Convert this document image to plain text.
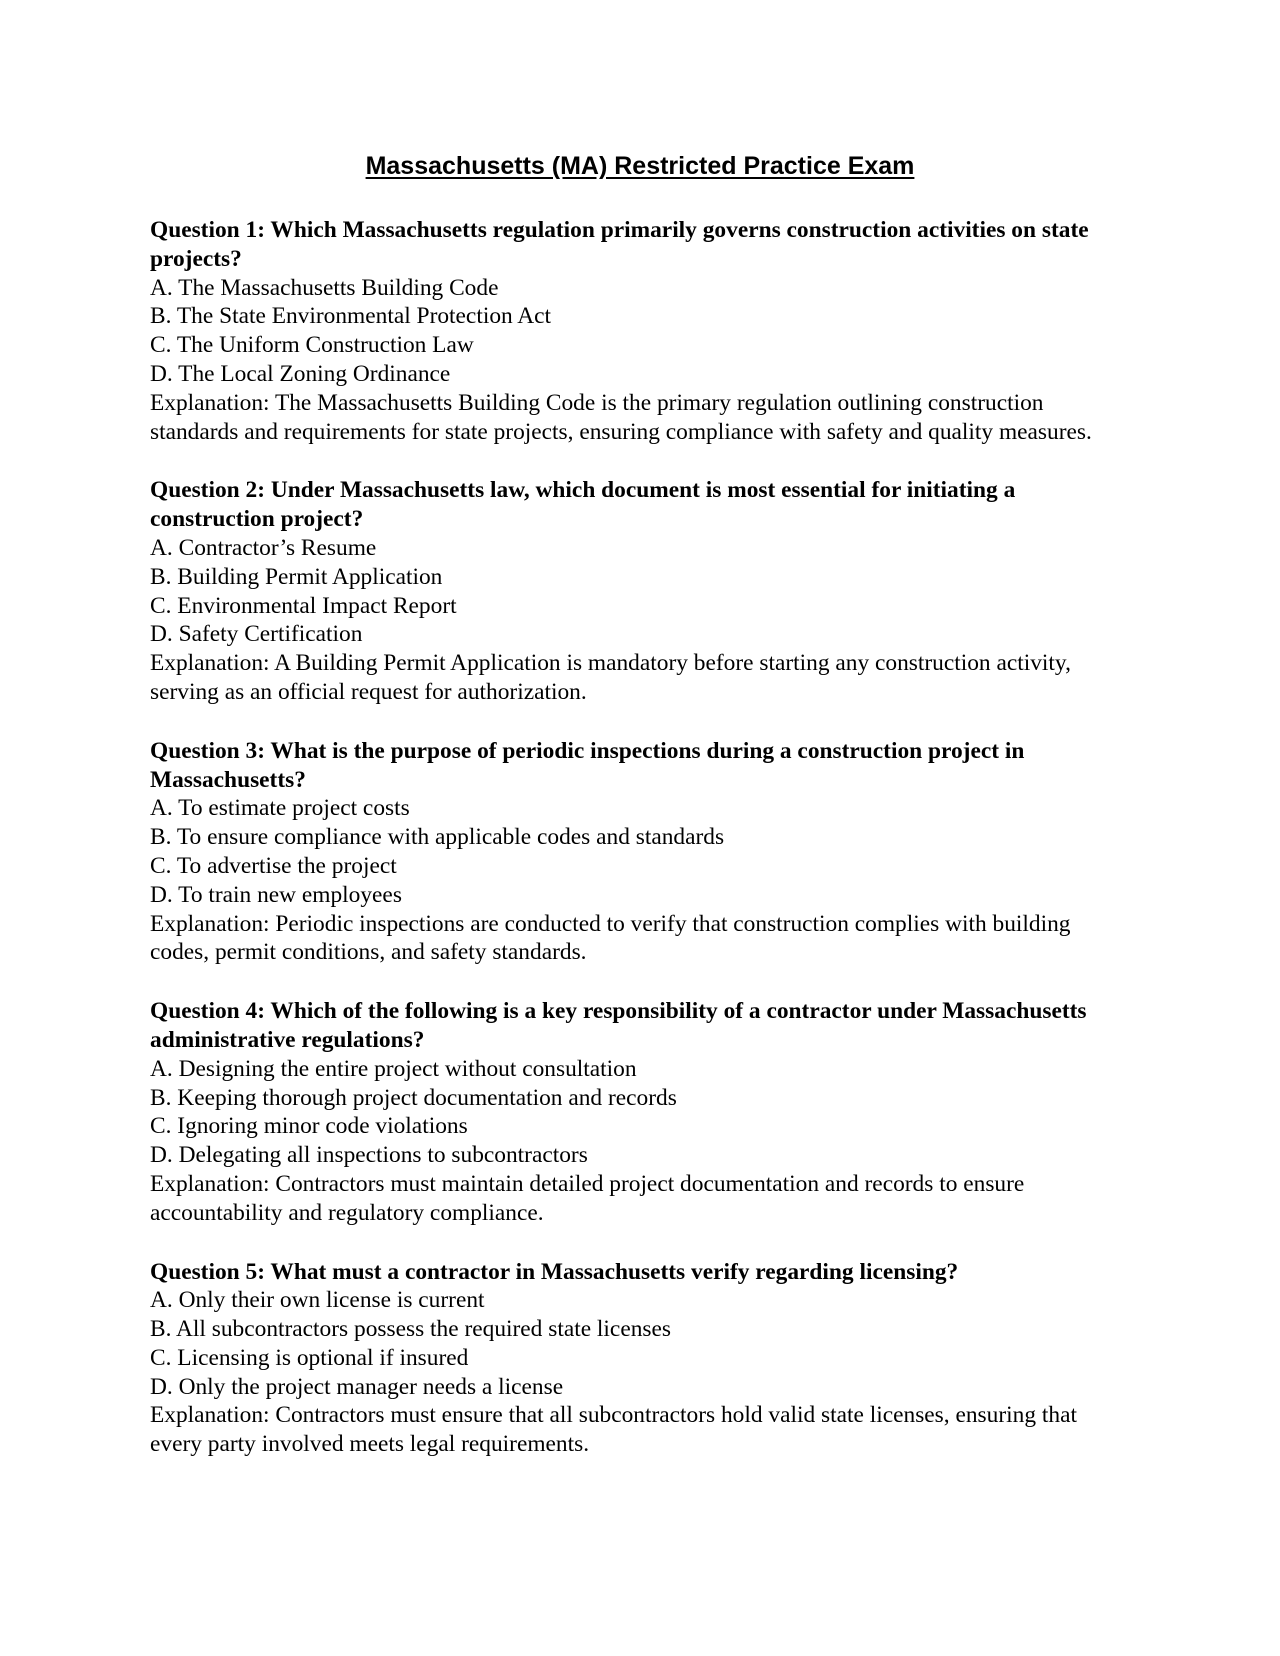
Massachusetts (MA) Restricted Practice Exam

Question 1: Which Massachusetts regulation primarily governs construction activities on state projects?

A. The Massachusetts Building Code

B. The State Environmental Protection Act

C. The Uniform Construction Law

D. The Local Zoning Ordinance

Explanation: The Massachusetts Building Code is the primary regulation outlining construction standards and requirements for state projects, ensuring compliance with safety and quality measures.

Question 2: Under Massachusetts law, which document is most essential for initiating a construction project?

A. Contractor’s Resume

B. Building Permit Application

C. Environmental Impact Report

D. Safety Certification

Explanation: A Building Permit Application is mandatory before starting any construction activity, serving as an official request for authorization.

Question 3: What is the purpose of periodic inspections during a construction project in Massachusetts?

A. To estimate project costs

B. To ensure compliance with applicable codes and standards

C. To advertise the project

D. To train new employees

Explanation: Periodic inspections are conducted to verify that construction complies with building codes, permit conditions, and safety standards.

Question 4: Which of the following is a key responsibility of a contractor under Massachusetts administrative regulations?

A. Designing the entire project without consultation

B. Keeping thorough project documentation and records

C. Ignoring minor code violations

D. Delegating all inspections to subcontractors

Explanation: Contractors must maintain detailed project documentation and records to ensure accountability and regulatory compliance.

Question 5: What must a contractor in Massachusetts verify regarding licensing?

A. Only their own license is current

B. All subcontractors possess the required state licenses

C. Licensing is optional if insured

D. Only the project manager needs a license

Explanation: Contractors must ensure that all subcontractors hold valid state licenses, ensuring that every party involved meets legal requirements.
